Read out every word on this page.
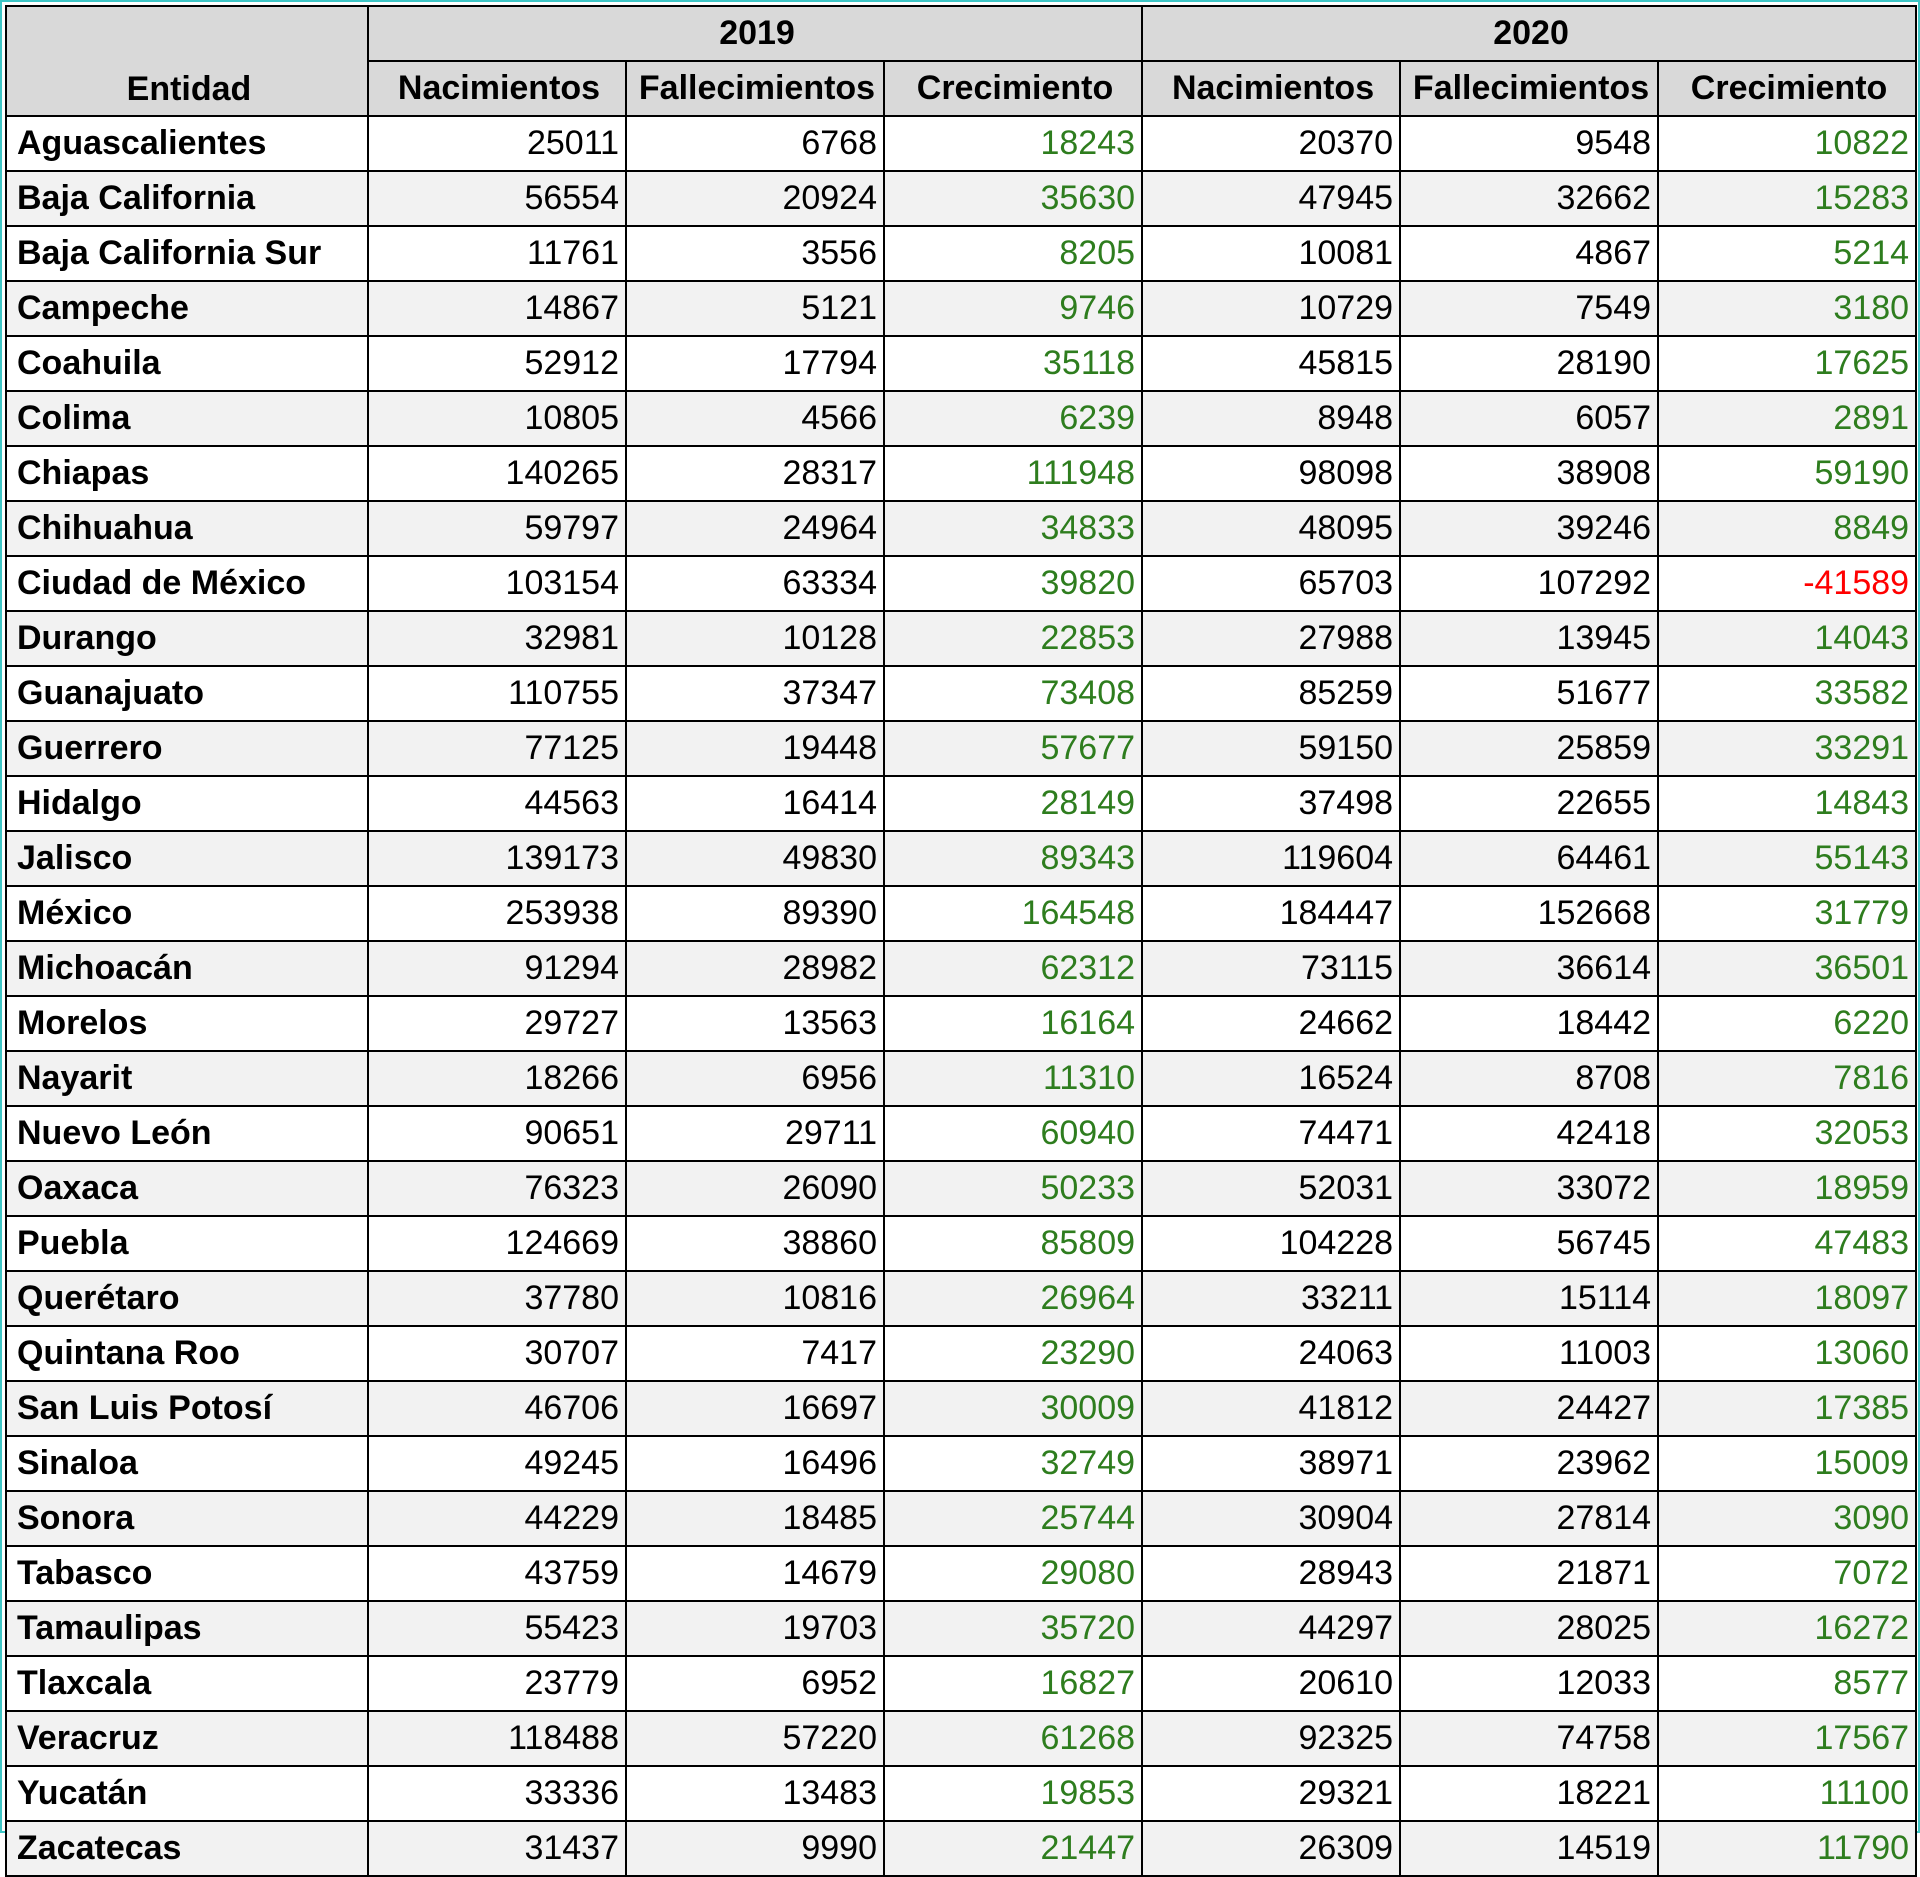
Entidad	2019			2020		
	Nacimientos	Fallecimientos	Crecimiento	Nacimientos	Fallecimientos	Crecimiento
Aguascalientes	25011	6768	18243	20370	9548	10822
Baja California	56554	20924	35630	47945	32662	15283
Baja California Sur	11761	3556	8205	10081	4867	5214
Campeche	14867	5121	9746	10729	7549	3180
Coahuila	52912	17794	35118	45815	28190	17625
Colima	10805	4566	6239	8948	6057	2891
Chiapas	140265	28317	111948	98098	38908	59190
Chihuahua	59797	24964	34833	48095	39246	8849
Ciudad de México	103154	63334	39820	65703	107292	-41589
Durango	32981	10128	22853	27988	13945	14043
Guanajuato	110755	37347	73408	85259	51677	33582
Guerrero	77125	19448	57677	59150	25859	33291
Hidalgo	44563	16414	28149	37498	22655	14843
Jalisco	139173	49830	89343	119604	64461	55143
México	253938	89390	164548	184447	152668	31779
Michoacán	91294	28982	62312	73115	36614	36501
Morelos	29727	13563	16164	24662	18442	6220
Nayarit	18266	6956	11310	16524	8708	7816
Nuevo León	90651	29711	60940	74471	42418	32053
Oaxaca	76323	26090	50233	52031	33072	18959
Puebla	124669	38860	85809	104228	56745	47483
Querétaro	37780	10816	26964	33211	15114	18097
Quintana Roo	30707	7417	23290	24063	11003	13060
San Luis Potosí	46706	16697	30009	41812	24427	17385
Sinaloa	49245	16496	32749	38971	23962	15009
Sonora	44229	18485	25744	30904	27814	3090
Tabasco	43759	14679	29080	28943	21871	7072
Tamaulipas	55423	19703	35720	44297	28025	16272
Tlaxcala	23779	6952	16827	20610	12033	8577
Veracruz	118488	57220	61268	92325	74758	17567
Yucatán	33336	13483	19853	29321	18221	11100
Zacatecas	31437	9990	21447	26309	14519	11790
